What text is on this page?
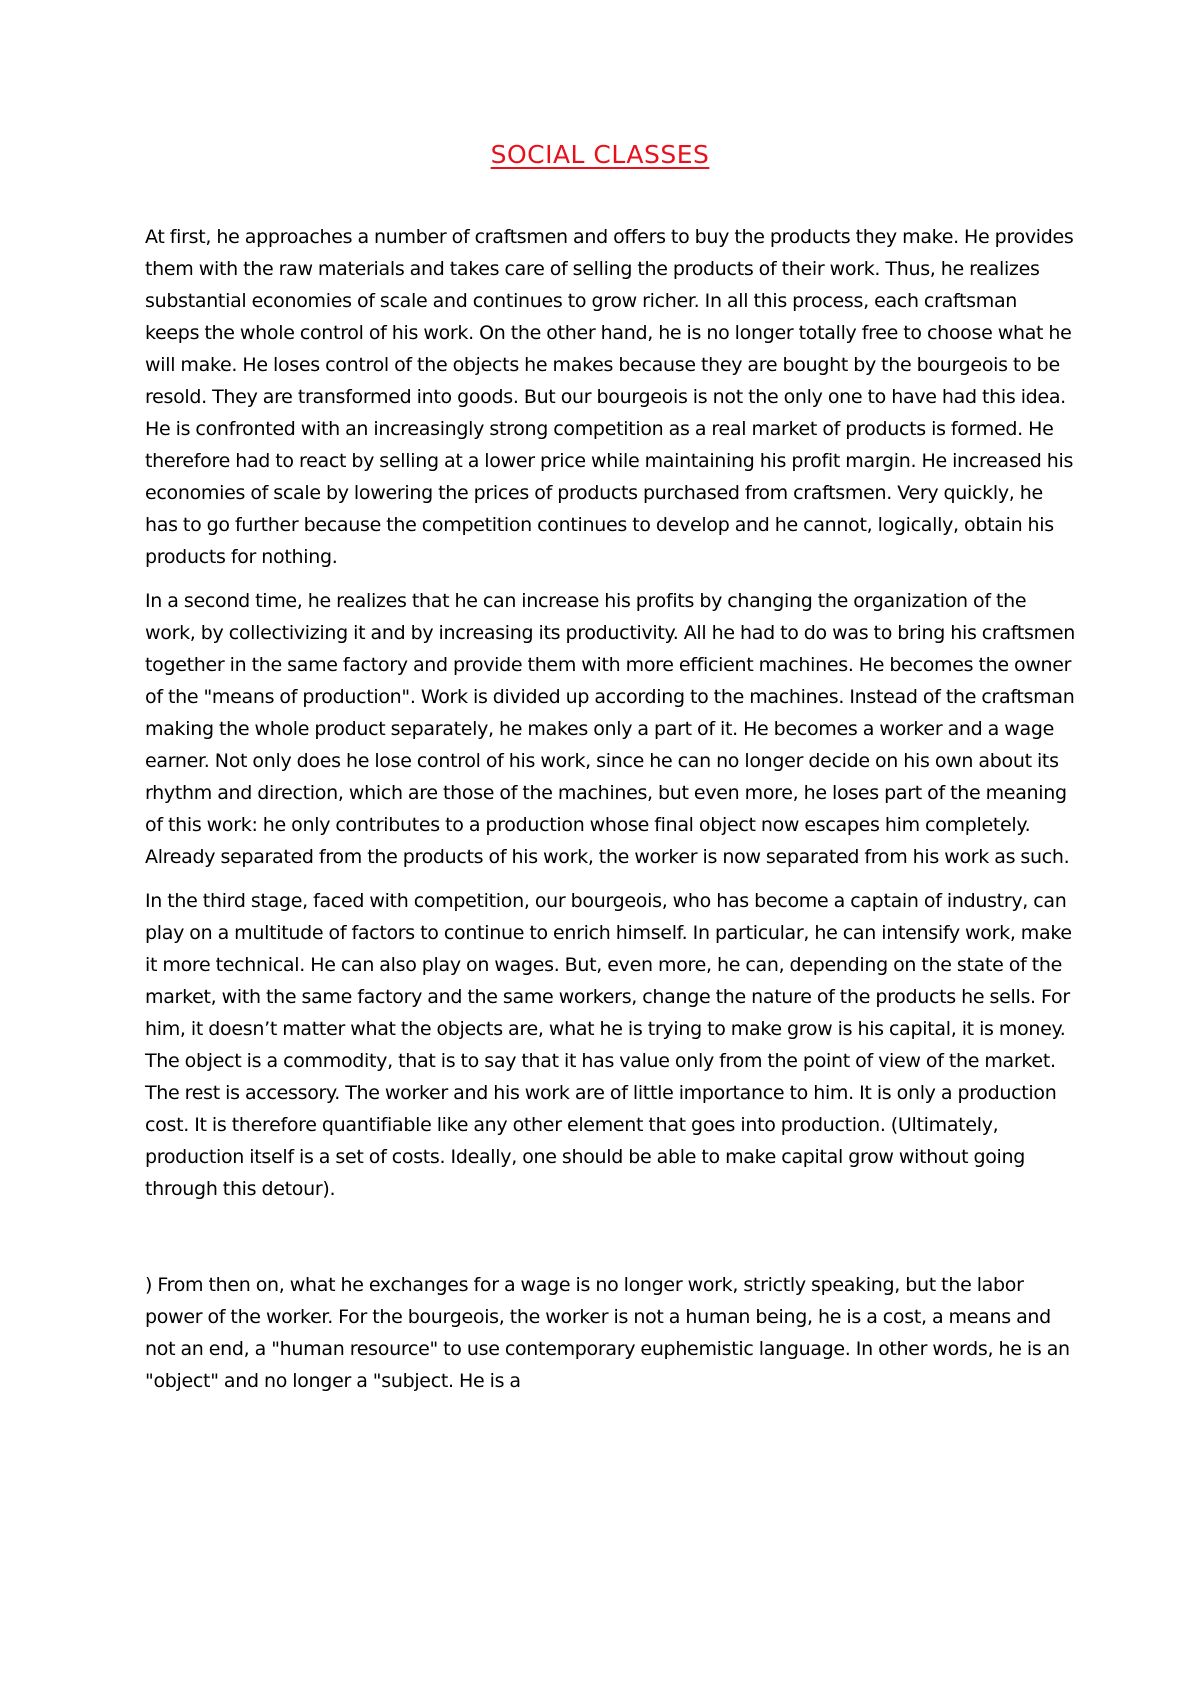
SOCIAL CLASSES

At first, he approaches a number of craftsmen and offers to buy the products they make. He provides them with the raw materials and takes care of selling the products of their work. Thus, he realizes substantial economies of scale and continues to grow richer. In all this process, each craftsman keeps the whole control of his work. On the other hand, he is no longer totally free to choose what he will make. He loses control of the objects he makes because they are bought by the bourgeois to be resold. They are transformed into goods. But our bourgeois is not the only one to have had this idea. He is confronted with an increasingly strong competition as a real market of products is formed. He therefore had to react by selling at a lower price while maintaining his profit margin. He increased his economies of scale by lowering the prices of products purchased from craftsmen. Very quickly, he has to go further because the competition continues to develop and he cannot, logically, obtain his products for nothing.

In a second time, he realizes that he can increase his profits by changing the organization of the work, by collectivizing it and by increasing its productivity. All he had to do was to bring his craftsmen together in the same factory and provide them with more efficient machines. He becomes the owner of the "means of production". Work is divided up according to the machines. Instead of the craftsman making the whole product separately, he makes only a part of it. He becomes a worker and a wage earner. Not only does he lose control of his work, since he can no longer decide on his own about its rhythm and direction, which are those of the machines, but even more, he loses part of the meaning of this work: he only contributes to a production whose final object now escapes him completely. Already separated from the products of his work, the worker is now separated from his work as such.

In the third stage, faced with competition, our bourgeois, who has become a captain of industry, can play on a multitude of factors to continue to enrich himself. In particular, he can intensify work, make it more technical. He can also play on wages. But, even more, he can, depending on the state of the market, with the same factory and the same workers, change the nature of the products he sells. For him, it doesn’t matter what the objects are, what he is trying to make grow is his capital, it is money. The object is a commodity, that is to say that it has value only from the point of view of the market. The rest is accessory. The worker and his work are of little importance to him. It is only a production cost. It is therefore quantifiable like any other element that goes into production. (Ultimately, production itself is a set of costs. Ideally, one should be able to make capital grow without going through this detour).

) From then on, what he exchanges for a wage is no longer work, strictly speaking, but the labor power of the worker. For the bourgeois, the worker is not a human being, he is a cost, a means and not an end, a "human resource" to use contemporary euphemistic language. In other words, he is an "object" and no longer a "subject. He is a
